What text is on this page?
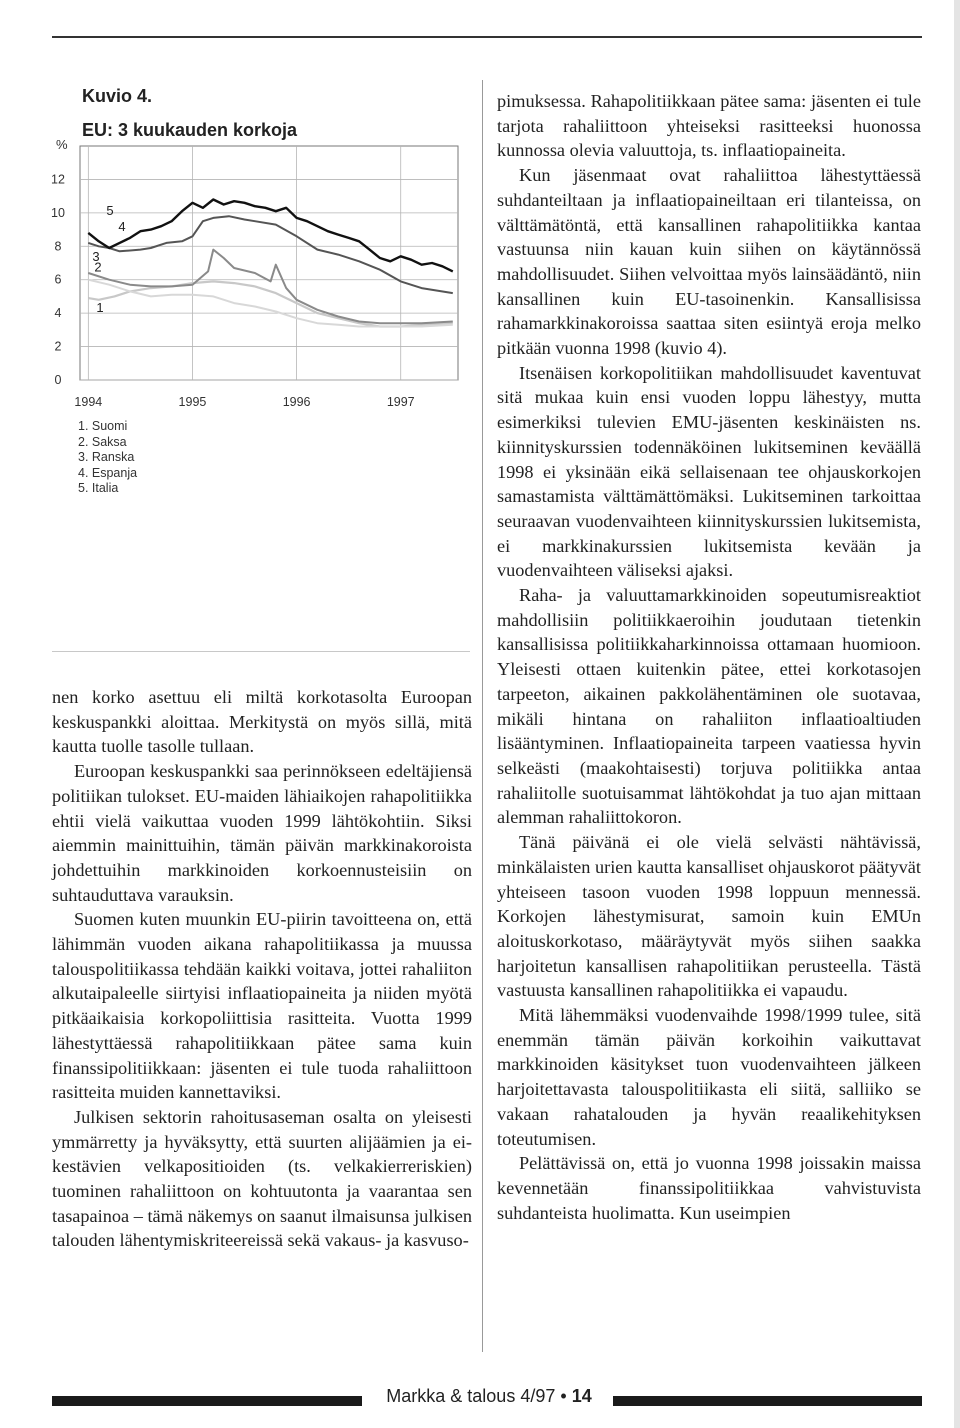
Kuvio 4.
EU: 3 kuukauden korkoja
%
0
2
4
6
8
10
12
1994	1995	1996	1997
1
2
3
4
5
1. Suomi
2. Saksa
3. Ranska
4. Espanja
5. Italia

nen korko asettuu eli miltä korkotasolta Euroopan keskuspankki aloittaa. Merkitystä on myös sillä, mitä kautta tuolle tasolle tullaan.

Euroopan keskuspankki saa perinnökseen edeltäjiensä politiikan tulokset. EU-maiden lähiaikojen rahapolitiikka ehtii vielä vaikuttaa vuoden 1999 lähtökohtiin. Siksi aiemmin mainittuihin, tämän päivän markkinakoroista johdettuihin markkinoiden korkoennusteisiin on suhtauduttava varauksin.

Suomen kuten muunkin EU-piirin tavoitteena on, että lähimmän vuoden aikana rahapolitiikassa ja muussa talouspolitiikassa tehdään kaikki voitava, jottei rahaliiton alkutaipaleelle siirtyisi inflaatiopaineita ja niiden myötä pitkäaikaisia korkopoliittisia rasitteita. Vuotta 1999 lähestyttäessä rahapolitiikkaan pätee sama kuin finanssipolitiikkaan: jäsenten ei tule tuoda rahaliittoon rasitteita muiden kannettaviksi.

Julkisen sektorin rahoitusaseman osalta on yleisesti ymmärretty ja hyväksytty, että suurten alijäämien ja ei-kestävien velkapositioiden (ts. velkakierreriskien) tuominen rahaliittoon on kohtuutonta ja vaarantaa sen tasapainoa – tämä näkemys on saanut ilmaisunsa julkisen talouden lähentymiskriteereissä sekä vakaus- ja kasvuso-

pimuksessa. Rahapolitiikkaan pätee sama: jäsenten ei tule tarjota rahaliittoon yhteiseksi rasitteeksi huonossa kunnossa olevia valuuttoja, ts. inflaatiopaineita.

Kun jäsenmaat ovat rahaliittoa lähestyttäessä suhdanteiltaan ja inflaatiopaineiltaan eri tilanteissa, on välttämätöntä, että kansallinen rahapolitiikka kantaa vastuunsa niin kauan kuin siihen on käytännössä mahdollisuudet. Siihen velvoittaa myös lainsäädäntö, niin kansallinen kuin EU-tasoinenkin. Kansallisissa rahamarkkinakoroissa saattaa siten esiintyä eroja melko pitkään vuonna 1998 (kuvio 4).

Itsenäisen korkopolitiikan mahdollisuudet kaventuvat sitä mukaa kuin ensi vuoden loppu lähestyy, mutta esimerkiksi tulevien EMU-jäsenten keskinäisten ns. kiinnityskurssien todennäköinen lukitseminen keväällä 1998 ei yksinään eikä sellaisenaan tee ohjauskorkojen samastamista välttämättömäksi. Lukitseminen tarkoittaa seuraavan vuodenvaihteen kiinnityskurssien lukitsemista, ei markkinakurssien lukitsemista kevään ja vuodenvaihteen väliseksi ajaksi.

Raha- ja valuuttamarkkinoiden sopeutumisreaktiot mahdollisiin politiikkaeroihin joudutaan tietenkin kansallisissa politiikkaharkinnoissa ottamaan huomioon. Yleisesti ottaen kuitenkin pätee, ettei korkotasojen tarpeeton, aikainen pakkolähentäminen ole suotavaa, mikäli hintana on rahaliiton inflaatioaltiuden lisääntyminen. Inflaatiopaineita tarpeen vaatiessa hyvin selkeästi (maakohtaisesti) torjuva politiikka antaa rahaliitolle suotuisammat lähtökohdat ja tuo ajan mittaan alemman rahaliittokoron.

Tänä päivänä ei ole vielä selvästi nähtävissä, minkälaisten urien kautta kansalliset ohjauskorot päätyvät yhteiseen tasoon vuoden 1998 loppuun mennessä. Korkojen lähestymisurat, samoin kuin EMUn aloituskorkotaso, määräytyvät myös siihen saakka harjoitetun kansallisen rahapolitiikan perusteella. Tästä vastuusta kansallinen rahapolitiikka ei vapaudu.

Mitä lähemmäksi vuodenvaihde 1998/1999 tulee, sitä enemmän tämän päivän korkoihin vaikuttavat markkinoiden käsitykset tuon vuodenvaihteen jälkeen harjoitettavasta talouspolitiikasta eli siitä, salliiko se vakaan rahatalouden ja hyvän reaalikehityksen toteutumisen.

Pelättävissä on, että jo vuonna 1998 joissakin maissa kevennetään finanssipolitiikkaa vahvistuvista suhdanteista huolimatta. Kun useimpien

Markka & talous 4/97 • 14
